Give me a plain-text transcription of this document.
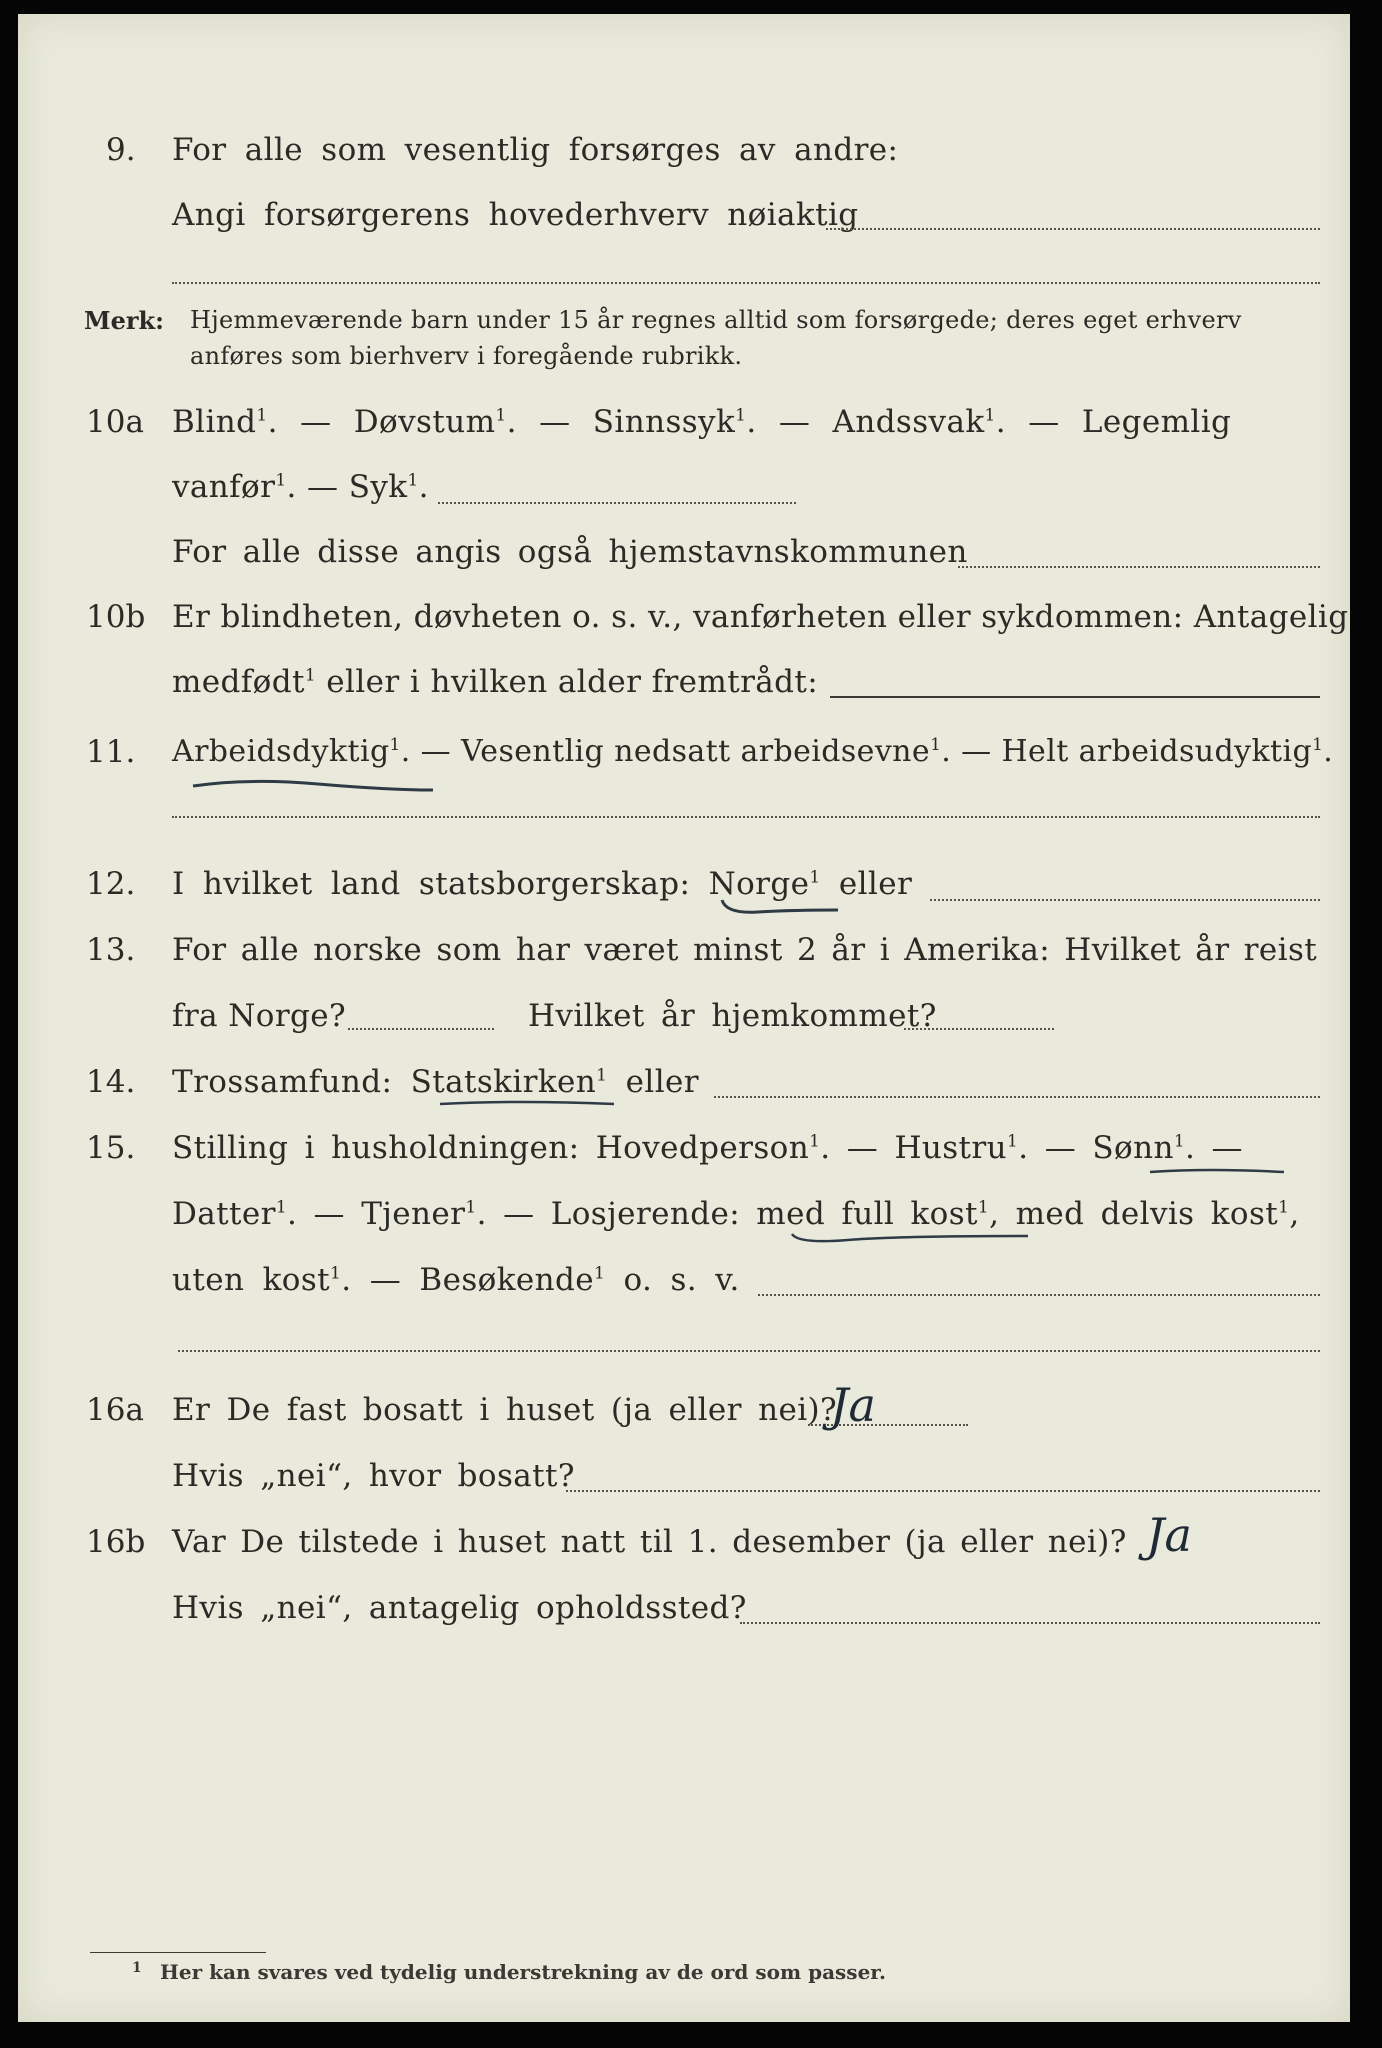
9. For alle som vesentlig forsørges av andre:
Angi forsørgerens hovederhverv nøiaktig
Merk: Hjemmeværende barn under 15 år regnes alltid som forsørgede; deres eget erhverv
anføres som bierhverv i foregående rubrikk.
10a Blind$^1$. — Døvstum$^1$. — Sinnssyk$^1$. — Andssvak$^1$. — Legemlig
vanfør$^1$. — Syk$^1$.
For alle disse angis også hjemstavnskommunen
10b Er blindheten, døvheten o. s. v., vanførheten eller sykdommen: Antagelig
medfødt$^1$ eller i hvilken alder fremtrådt:
11. Arbeidsdyktig$^1$. — Vesentlig nedsatt arbeidsevne$^1$. — Helt arbeidsudyktig$^1$.
12. I hvilket land statsborgerskap: Norge$^1$ eller
13. For alle norske som har været minst 2 år i Amerika: Hvilket år reist
fra Norge?	Hvilket år hjemkommet?
14. Trossamfund: Statskirken$^1$ eller
15. Stilling i husholdningen: Hovedperson$^1$. — Hustru$^1$. — Sønn$^1$. —
Datter$^1$. — Tjener$^1$. — Losjerende: med full kost$^1$, med delvis kost$^1$,
uten kost$^1$. — Besøkende$^1$ o. s. v.
16a Er De fast bosatt i huset (ja eller nei)?
Ja
Hvis „nei“, hvor bosatt?
16b Var De tilstede i huset natt til 1. desember (ja eller nei)? Ja
Hvis „nei“, antagelig opholdssted?
1 Her kan svares ved tydelig understrekning av de ord som passer.
